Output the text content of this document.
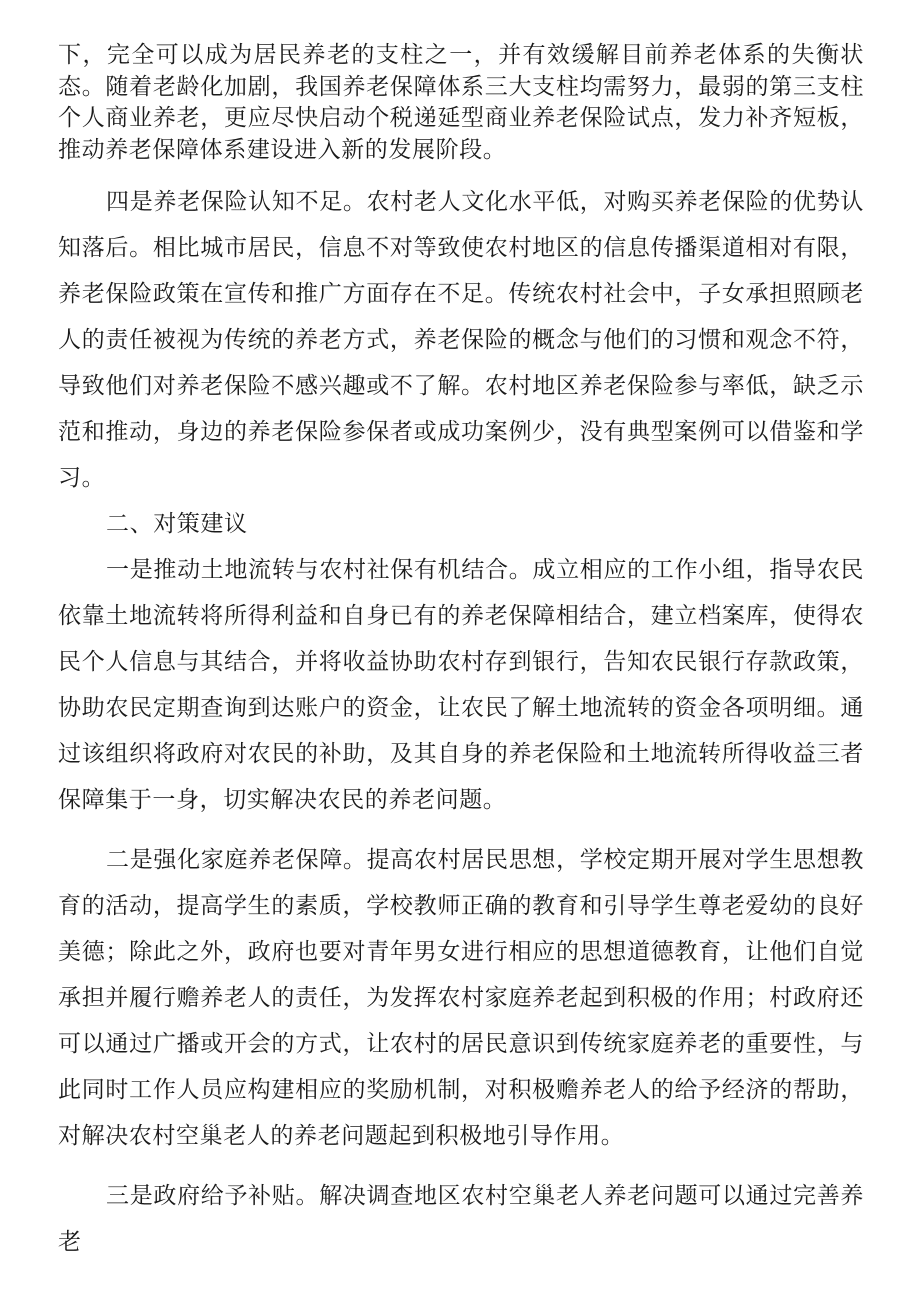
下，完全可以成为居民养老的支柱之一，并有效缓解目前养老体系的失衡状态。随着老龄化加剧，我国养老保障体系三大支柱均需努力，最弱的第三支柱个人商业养老，更应尽快启动个税递延型商业养老保险试点，发力补齐短板，推动养老保障体系建设进入新的发展阶段。

四是养老保险认知不足。农村老人文化水平低，对购买养老保险的优势认知落后。相比城市居民，信息不对等致使农村地区的信息传播渠道相对有限，养老保险政策在宣传和推广方面存在不足。传统农村社会中，子女承担照顾老人的责任被视为传统的养老方式，养老保险的概念与他们的习惯和观念不符，导致他们对养老保险不感兴趣或不了解。农村地区养老保险参与率低，缺乏示范和推动，身边的养老保险参保者或成功案例少，没有典型案例可以借鉴和学习。

二、对策建议

一是推动土地流转与农村社保有机结合。成立相应的工作小组，指导农民依靠土地流转将所得利益和自身已有的养老保障相结合，建立档案库，使得农民个人信息与其结合，并将收益协助农村存到银行，告知农民银行存款政策，协助农民定期查询到达账户的资金，让农民了解土地流转的资金各项明细。通过该组织将政府对农民的补助，及其自身的养老保险和土地流转所得收益三者保障集于一身，切实解决农民的养老问题。

二是强化家庭养老保障。提高农村居民思想，学校定期开展对学生思想教育的活动，提高学生的素质，学校教师正确的教育和引导学生尊老爱幼的良好美德；除此之外，政府也要对青年男女进行相应的思想道德教育，让他们自觉承担并履行赡养老人的责任，为发挥农村家庭养老起到积极的作用；村政府还可以通过广播或开会的方式，让农村的居民意识到传统家庭养老的重要性，与此同时工作人员应构建相应的奖励机制，对积极赡养老人的给予经济的帮助，对解决农村空巢老人的养老问题起到积极地引导作用。

三是政府给予补贴。解决调查地区农村空巢老人养老问题可以通过完善养老
